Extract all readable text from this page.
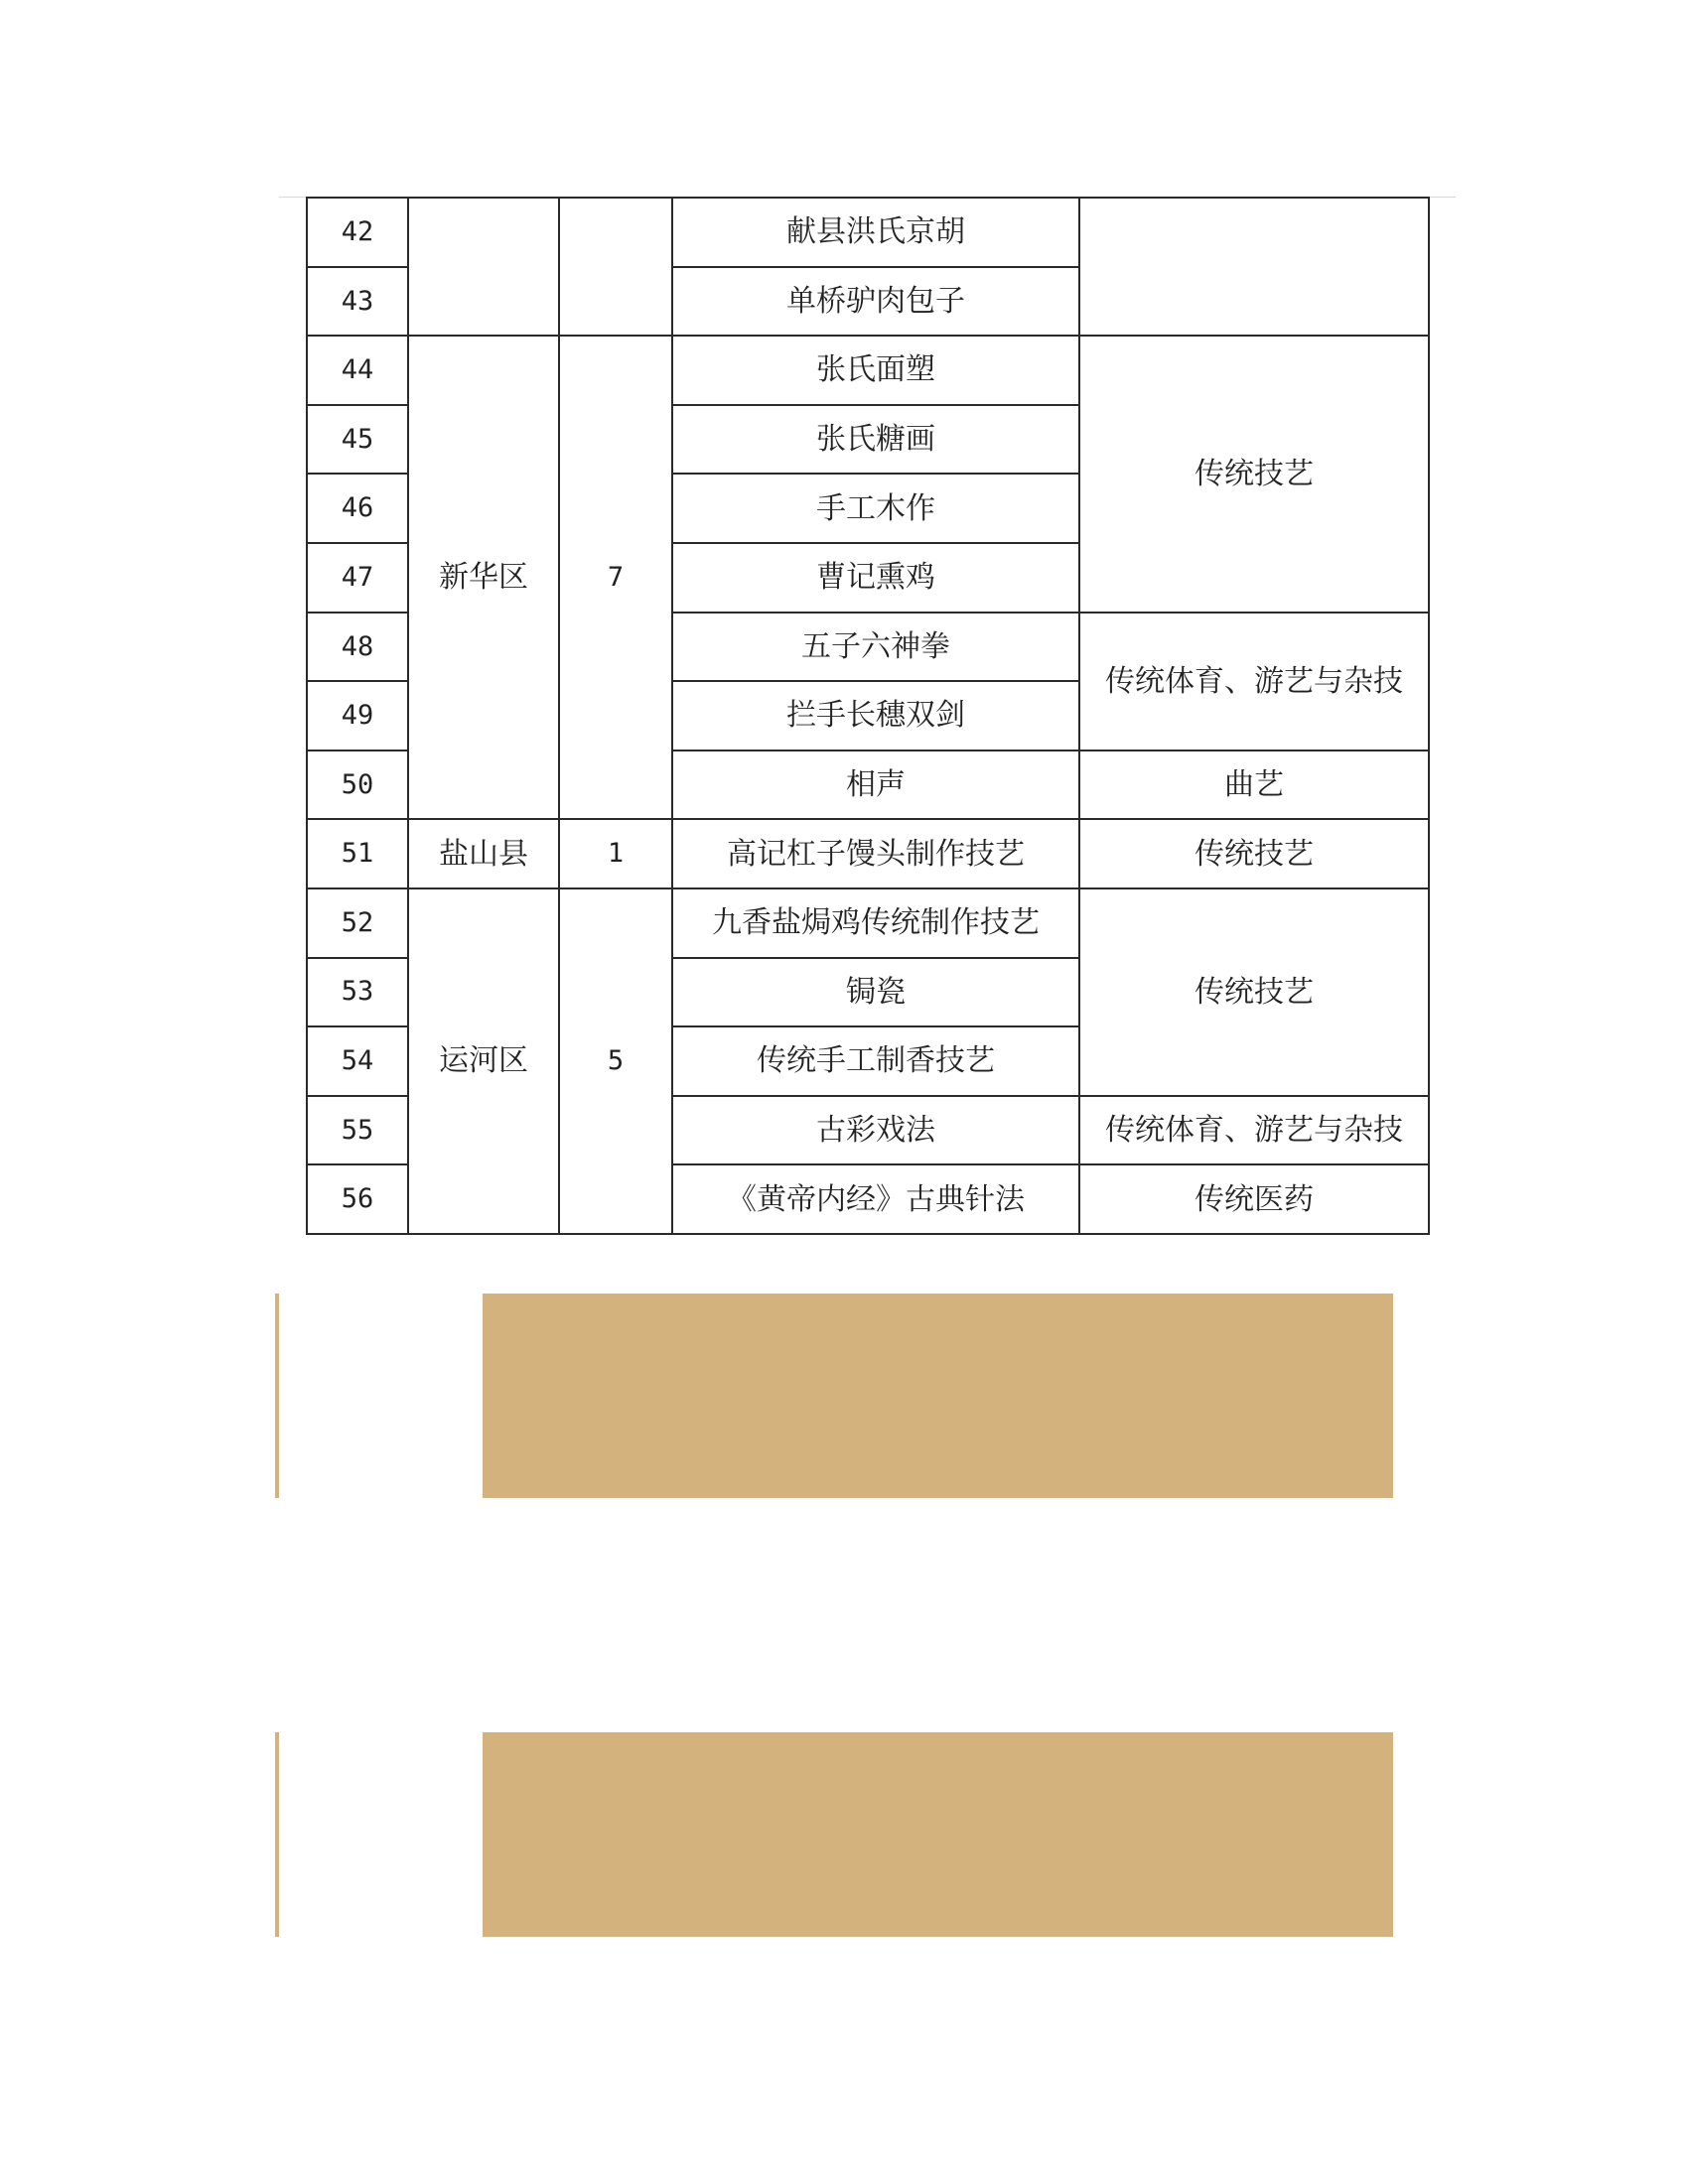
42			献县洪氏京胡	
43			单桥驴肉包子	
44	新华区	7	张氏面塑	传统技艺
45			张氏糖画	
46			手工木作	
47			曹记熏鸡	
48			五子六神拳	传统体育、游艺与杂技
49			拦手长穗双剑	
50			相声	曲艺
51	盐山县	1	高记杠子馒头制作技艺	传统技艺
52	运河区	5	九香盐焗鸡传统制作技艺	传统技艺
53			锔瓷	
54			传统手工制香技艺	
55			古彩戏法	传统体育、游艺与杂技
56			《黄帝内经》古典针法	传统医药
